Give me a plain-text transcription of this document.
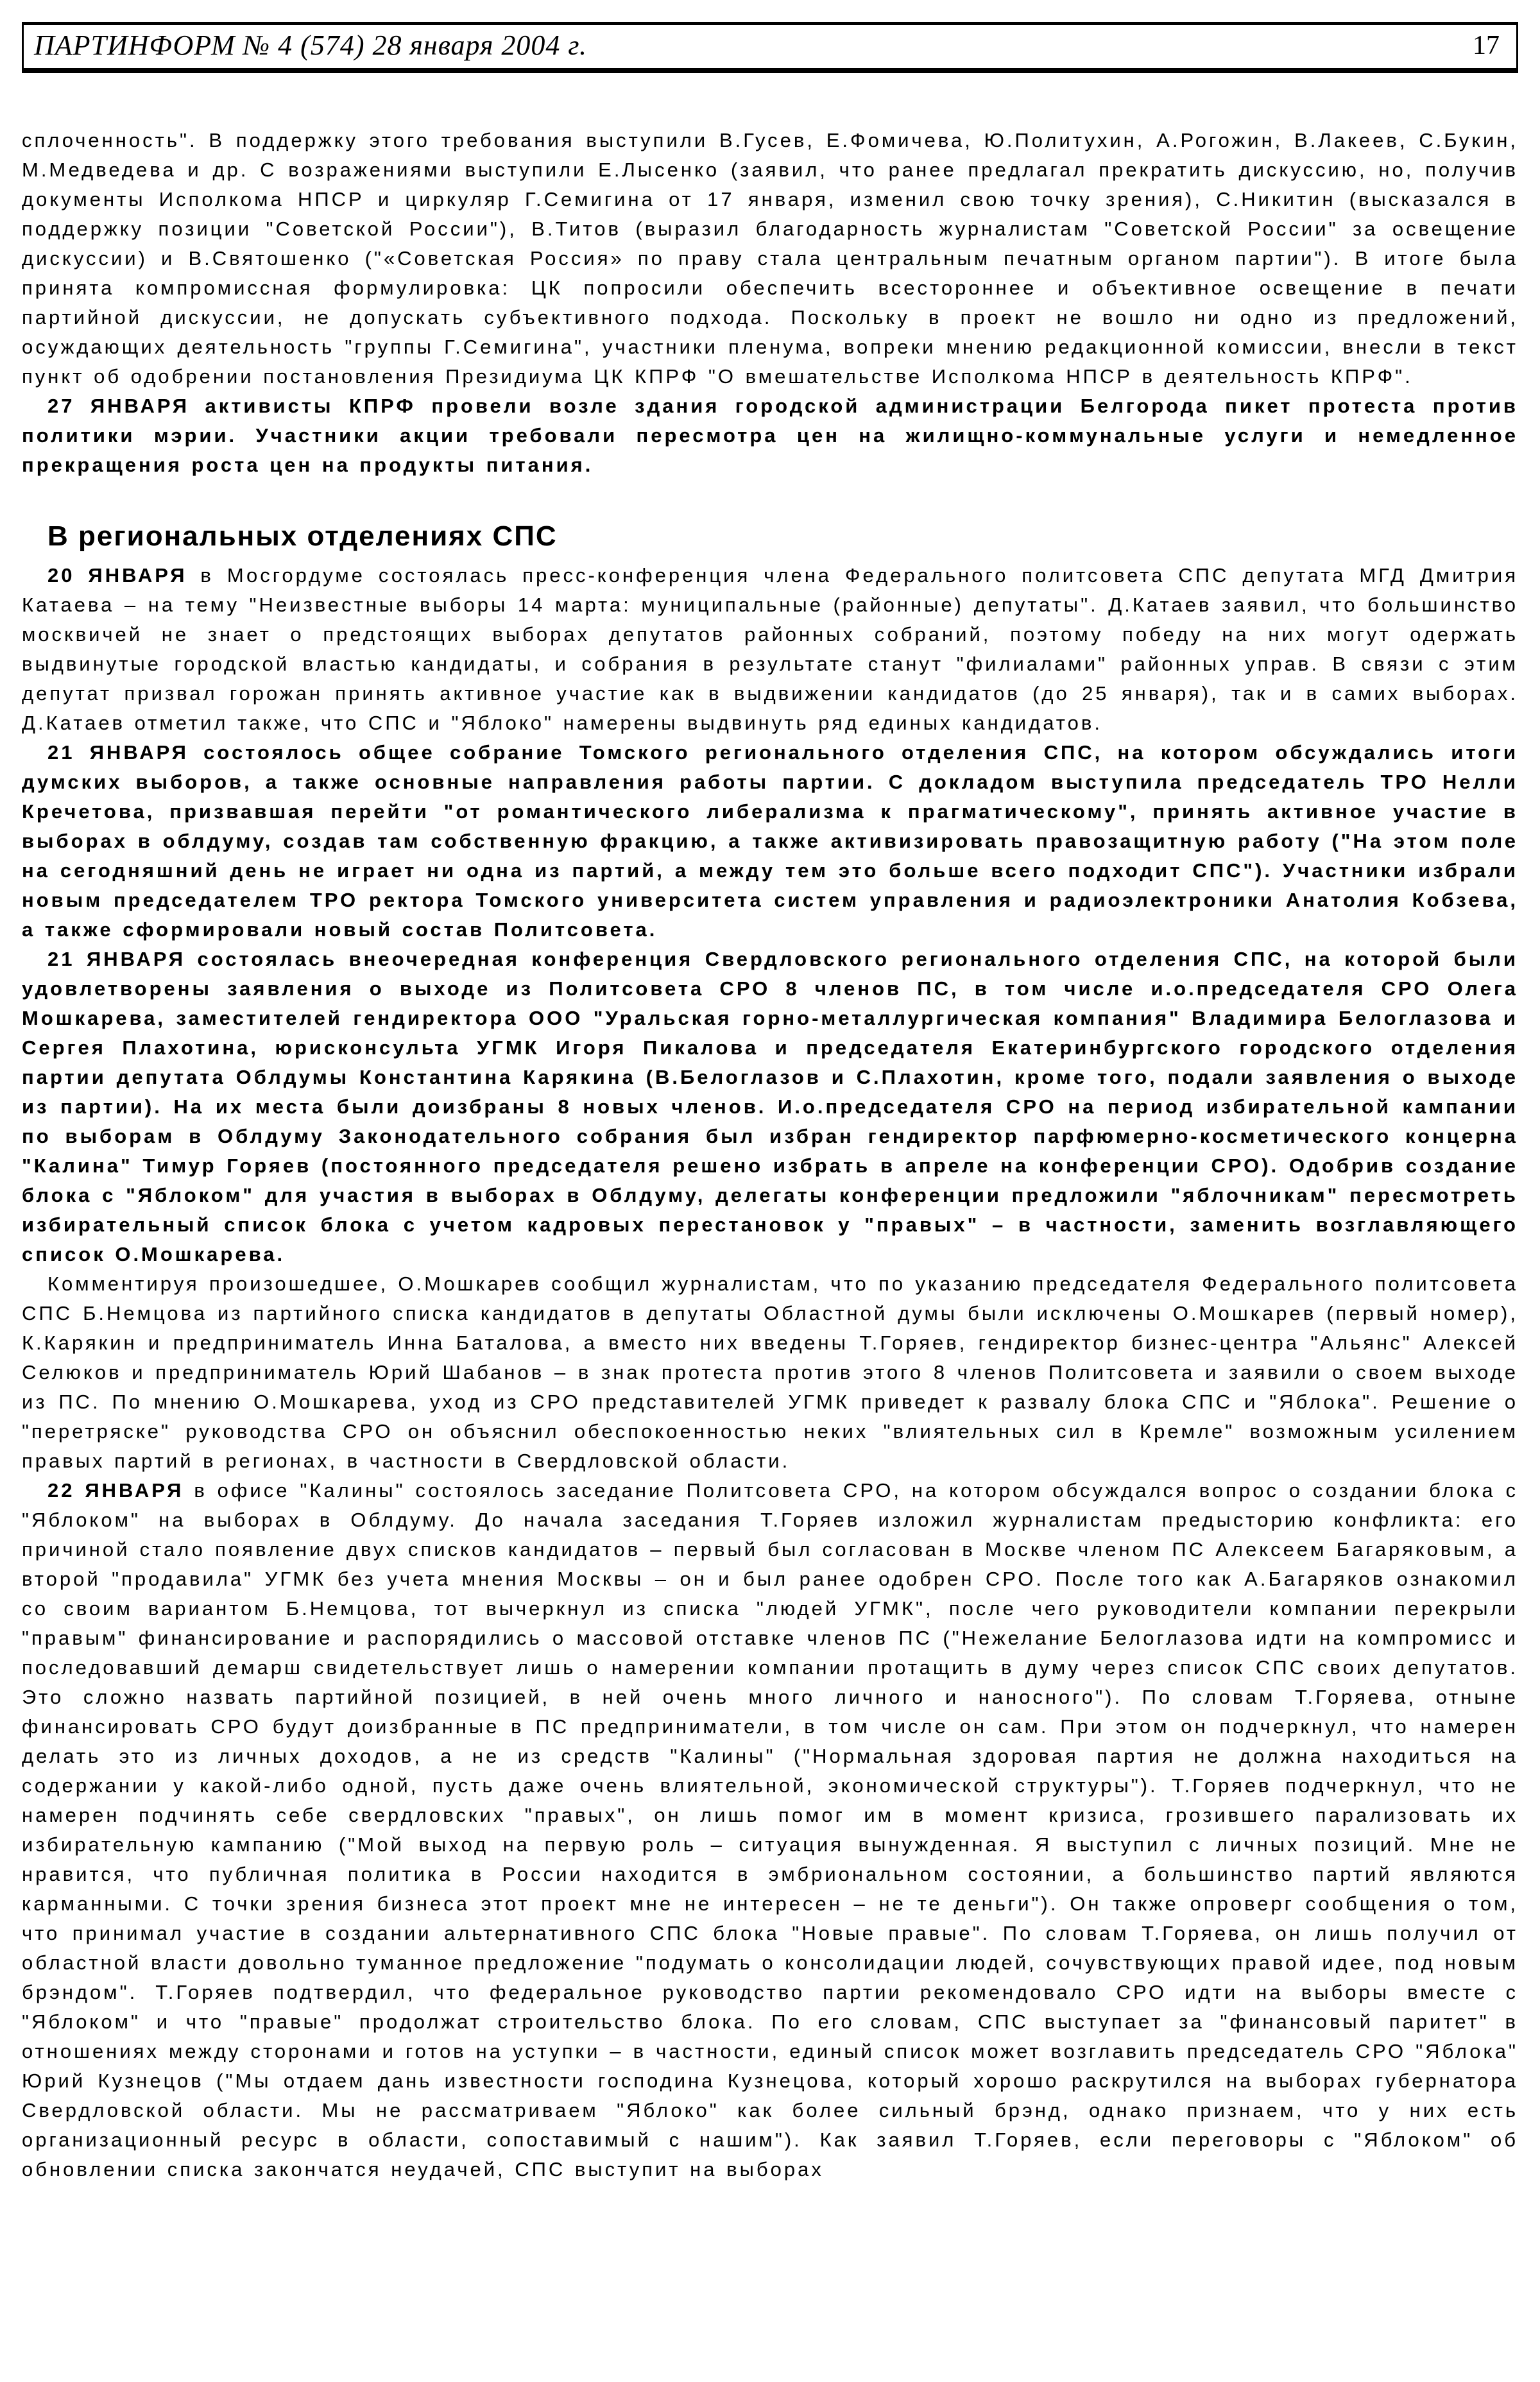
ПАРТИНФОРМ № 4 (574) 28 января 2004 г.	17

сплоченность". В поддержку этого требования выступили В.Гусев, Е.Фомичева, Ю.Политухин, А.Рогожин, В.Лакеев, С.Букин, М.Медведева и др. С возражениями выступили Е.Лысенко (заявил, что ранее предлагал прекратить дискуссию, но, получив документы Исполкома НПСР и циркуляр Г.Семигина от 17 января, изменил свою точку зрения), С.Никитин (высказался в поддержку позиции "Советской России"), В.Титов (выразил благодарность журналистам "Советской России" за освещение дискуссии) и В.Святошенко ("«Советская Россия» по праву стала центральным печатным органом партии"). В итоге была принята компромиссная формулировка: ЦК попросили обеспечить всестороннее и объективное освещение в печати партийной дискуссии, не допускать субъективного подхода. Поскольку в проект не вошло ни одно из предложений, осуждающих деятельность "группы Г.Семигина", участники пленума, вопреки мнению редакционной комиссии, внесли в текст пункт об одобрении постановления Президиума ЦК КПРФ "О вмешательстве Исполкома НПСР в деятельность КПРФ".

27 ЯНВАРЯ активисты КПРФ провели возле здания городской администрации Белгорода пикет протеста против политики мэрии. Участники акции требовали пересмотра цен на жилищно-коммунальные услуги и немедленное прекращения роста цен на продукты питания.

В региональных отделениях СПС

20 ЯНВАРЯ в Мосгордуме состоялась пресс-конференция члена Федерального политсовета СПС депутата МГД Дмитрия Катаева – на тему "Неизвестные выборы 14 марта: муниципальные (районные) депутаты". Д.Катаев заявил, что большинство москвичей не знает о предстоящих выборах депутатов районных собраний, поэтому победу на них могут одержать выдвинутые городской властью кандидаты, и собрания в результате станут "филиалами" районных управ. В связи с этим депутат призвал горожан принять активное участие как в выдвижении кандидатов (до 25 января), так и в самих выборах. Д.Катаев отметил также, что СПС и "Яблоко" намерены выдвинуть ряд единых кандидатов.

21 ЯНВАРЯ состоялось общее собрание Томского регионального отделения СПС, на котором обсуждались итоги думских выборов, а также основные направления работы партии. С докладом выступила председатель ТРО Нелли Кречетова, призвавшая перейти "от романтического либерализма к прагматическому", принять активное участие в выборах в облдуму, создав там собственную фракцию, а также активизировать правозащитную работу ("На этом поле на сегодняшний день не играет ни одна из партий, а между тем это больше всего подходит СПС"). Участники избрали новым председателем ТРО ректора Томского университета систем управления и радиоэлектроники Анатолия Кобзева, а также сформировали новый состав Политсовета.

21 ЯНВАРЯ состоялась внеочередная конференция Свердловского регионального отделения СПС, на которой были удовлетворены заявления о выходе из Политсовета СРО 8 членов ПС, в том числе и.о.председателя СРО Олега Мошкарева, заместителей гендиректора ООО "Уральская горно-металлургическая компания" Владимира Белоглазова и Сергея Плахотина, юрисконсульта УГМК Игоря Пикалова и председателя Екатеринбургского городского отделения партии депутата Облдумы Константина Карякина (В.Белоглазов и С.Плахотин, кроме того, подали заявления о выходе из партии). На их места были доизбраны 8 новых членов. И.о.председателя СРО на период избирательной кампании по выборам в Облдуму Законодательного собрания был избран гендиректор парфюмерно-косметического концерна "Калина" Тимур Горяев (постоянного председателя решено избрать в апреле на конференции СРО). Одобрив создание блока с "Яблоком" для участия в выборах в Облдуму, делегаты конференции предложили "яблочникам" пересмотреть избирательный список блока с учетом кадровых перестановок у "правых" – в частности, заменить возглавляющего список О.Мошкарева.

Комментируя произошедшее, О.Мошкарев сообщил журналистам, что по указанию председателя Федерального политсовета СПС Б.Немцова из партийного списка кандидатов в депутаты Областной думы были исключены О.Мошкарев (первый номер), К.Карякин и предприниматель Инна Баталова, а вместо них введены Т.Горяев, гендиректор бизнес-центра "Альянс" Алексей Селюков и предприниматель Юрий Шабанов – в знак протеста против этого 8 членов Политсовета и заявили о своем выходе из ПС. По мнению О.Мошкарева, уход из СРО представителей УГМК приведет к развалу блока СПС и "Яблока". Решение о "перетряске" руководства СРО он объяснил обеспокоенностью неких "влиятельных сил в Кремле" возможным усилением правых партий в регионах, в частности в Свердловской области.

22 ЯНВАРЯ в офисе "Калины" состоялось заседание Политсовета СРО, на котором обсуждался вопрос о создании блока с "Яблоком" на выборах в Облдуму. До начала заседания Т.Горяев изложил журналистам предысторию конфликта: его причиной стало появление двух списков кандидатов – первый был согласован в Москве членом ПС Алексеем Багаряковым, а второй "продавила" УГМК без учета мнения Москвы – он и был ранее одобрен СРО. После того как А.Багаряков ознакомил со своим вариантом Б.Немцова, тот вычеркнул из списка "людей УГМК", после чего руководители компании перекрыли "правым" финансирование и распорядились о массовой отставке членов ПС ("Нежелание Белоглазова идти на компромисс и последовавший демарш свидетельствует лишь о намерении компании протащить в думу через список СПС своих депутатов. Это сложно назвать партийной позицией, в ней очень много личного и наносного"). По словам Т.Горяева, отныне финансировать СРО будут доизбранные в ПС предприниматели, в том числе он сам. При этом он подчеркнул, что намерен делать это из личных доходов, а не из средств "Калины" ("Нормальная здоровая партия не должна находиться на содержании у какой-либо одной, пусть даже очень влиятельной, экономической структуры"). Т.Горяев подчеркнул, что не намерен подчинять себе свердловских "правых", он лишь помог им в момент кризиса, грозившего парализовать их избирательную кампанию ("Мой выход на первую роль – ситуация вынужденная. Я выступил с личных позиций. Мне не нравится, что публичная политика в России находится в эмбриональном состоянии, а большинство партий являются карманными. С точки зрения бизнеса этот проект мне не интересен – не те деньги"). Он также опроверг сообщения о том, что принимал участие в создании альтернативного СПС блока "Новые правые". По словам Т.Горяева, он лишь получил от областной власти довольно туманное предложение "подумать о консолидации людей, сочувствующих правой идее, под новым брэндом". Т.Горяев подтвердил, что федеральное руководство партии рекомендовало СРО идти на выборы вместе с "Яблоком" и что "правые" продолжат строительство блока. По его словам, СПС выступает за "финансовый паритет" в отношениях между сторонами и готов на уступки – в частности, единый список может возглавить председатель СРО "Яблока" Юрий Кузнецов ("Мы отдаем дань известности господина Кузнецова, который хорошо раскрутился на выборах губернатора Свердловской области. Мы не рассматриваем "Яблоко" как более сильный брэнд, однако признаем, что у них есть организационный ресурс в области, сопоставимый с нашим"). Как заявил Т.Горяев, если переговоры с "Яблоком" об обновлении списка закончатся неудачей, СПС выступит на выборах
